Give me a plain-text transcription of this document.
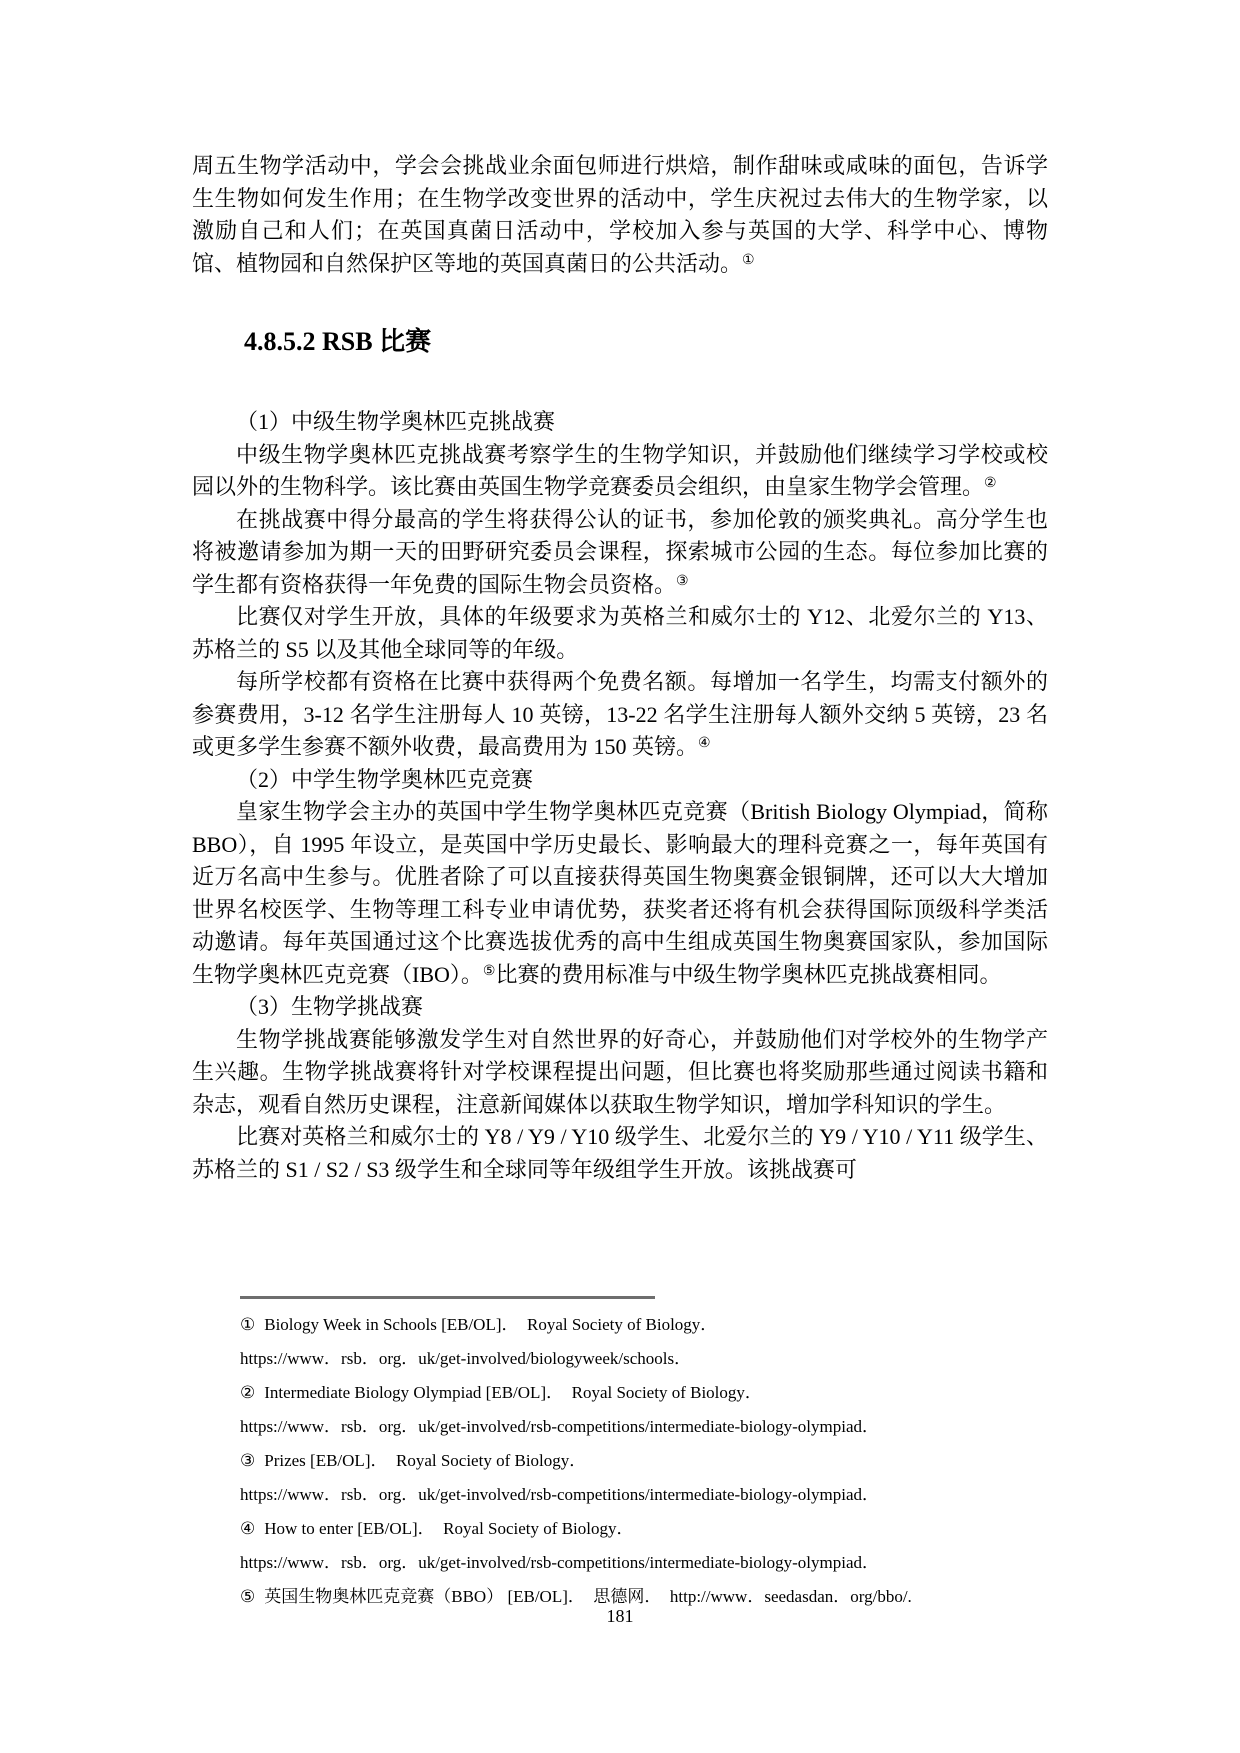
周五生物学活动中，学会会挑战业余面包师进行烘焙，制作甜味或咸味的面包，告诉学生生物如何发生作用；在生物学改变世界的活动中，学生庆祝过去伟大的生物学家，以激励自己和人们；在英国真菌日活动中，学校加入参与英国的大学、科学中心、博物馆、植物园和自然保护区等地的英国真菌日的公共活动。①

4.8.5.2 RSB 比赛

（1）中级生物学奥林匹克挑战赛

中级生物学奥林匹克挑战赛考察学生的生物学知识，并鼓励他们继续学习学校或校园以外的生物科学。该比赛由英国生物学竞赛委员会组织，由皇家生物学会管理。②

在挑战赛中得分最高的学生将获得公认的证书，参加伦敦的颁奖典礼。高分学生也将被邀请参加为期一天的田野研究委员会课程，探索城市公园的生态。每位参加比赛的学生都有资格获得一年免费的国际生物会员资格。③

比赛仅对学生开放，具体的年级要求为英格兰和威尔士的 Y12、北爱尔兰的 Y13、苏格兰的 S5 以及其他全球同等的年级。

每所学校都有资格在比赛中获得两个免费名额。每增加一名学生，均需支付额外的参赛费用，3-12 名学生注册每人 10 英镑，13-22 名学生注册每人额外交纳 5 英镑，23 名或更多学生参赛不额外收费，最高费用为 150 英镑。④

（2）中学生物学奥林匹克竞赛

皇家生物学会主办的英国中学生物学奥林匹克竞赛（British Biology Olympiad，简称 BBO），自 1995 年设立，是英国中学历史最长、影响最大的理科竞赛之一，每年英国有近万名高中生参与。优胜者除了可以直接获得英国生物奥赛金银铜牌，还可以大大增加世界名校医学、生物等理工科专业申请优势，获奖者还将有机会获得国际顶级科学类活动邀请。每年英国通过这个比赛选拔优秀的高中生组成英国生物奥赛国家队，参加国际生物学奥林匹克竞赛（IBO）。⑤比赛的费用标准与中级生物学奥林匹克挑战赛相同。

（3）生物学挑战赛

生物学挑战赛能够激发学生对自然世界的好奇心，并鼓励他们对学校外的生物学产生兴趣。生物学挑战赛将针对学校课程提出问题，但比赛也将奖励那些通过阅读书籍和杂志，观看自然历史课程，注意新闻媒体以获取生物学知识，增加学科知识的学生。

比赛对英格兰和威尔士的 Y8 / Y9 / Y10 级学生、北爱尔兰的 Y9 / Y10 / Y11 级学生、苏格兰的 S1 / S2 / S3 级学生和全球同等年级组学生开放。该挑战赛可

① Biology Week in Schools [EB/OL]．  Royal Society of Biology．
https://www．rsb．org．uk/get-involved/biologyweek/schools．
② Intermediate Biology Olympiad [EB/OL]．  Royal Society of Biology．
https://www．rsb．org．uk/get-involved/rsb-competitions/intermediate-biology-olympiad．
③ Prizes [EB/OL]．  Royal Society of Biology．
https://www．rsb．org．uk/get-involved/rsb-competitions/intermediate-biology-olympiad．
④ How to enter [EB/OL]．  Royal Society of Biology．
https://www．rsb．org．uk/get-involved/rsb-competitions/intermediate-biology-olympiad．
⑤ 英国生物奥林匹克竞赛（BBO） [EB/OL]．  思德网．  http://www．seedasdan．org/bbo/.
181
